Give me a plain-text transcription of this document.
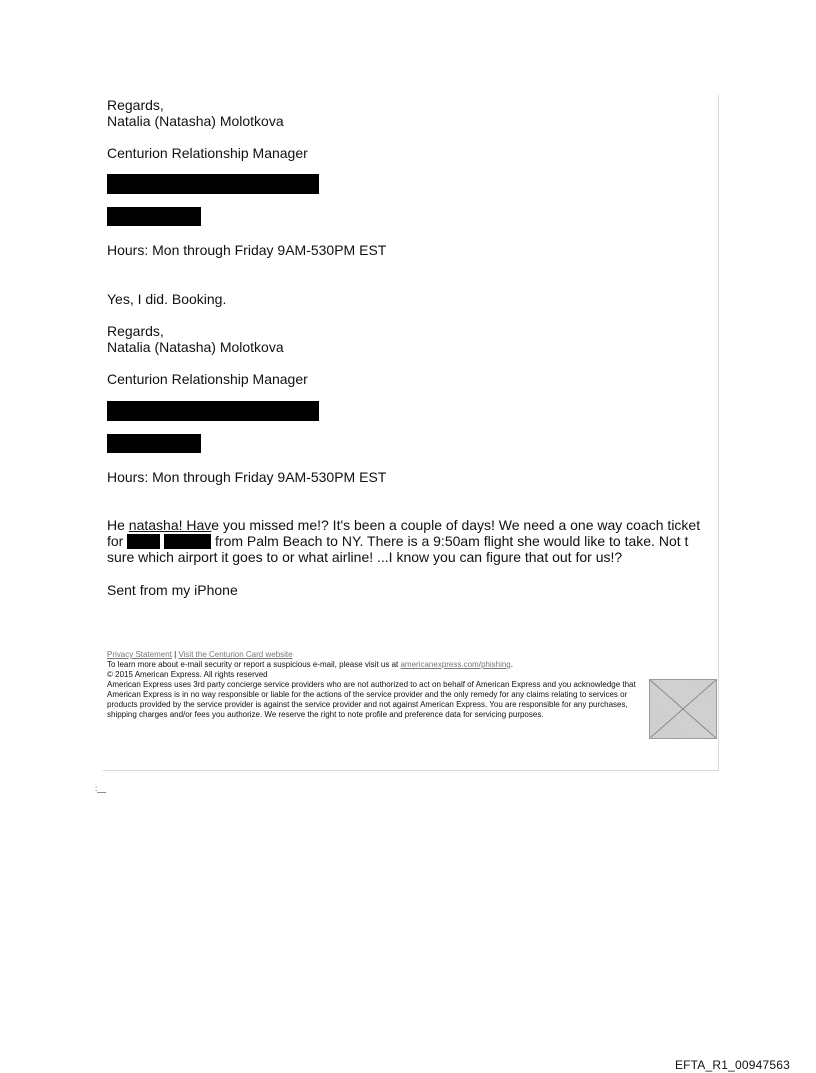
Regards,
Natalia (Natasha) Molotkova
Centurion Relationship Manager
Hours: Mon through Friday 9AM-530PM EST
Yes, I did. Booking.
Regards,
Natalia (Natasha) Molotkova
Centurion Relationship Manager
Hours: Mon through Friday 9AM-530PM EST
He natasha! Have you missed me!? It's been a couple of days! We need a one way coach ticket
for	from Palm Beach to NY. There is a 9:50am flight she would like to take. Not t
sure which airport it goes to or what airline! ...I know you can figure that out for us!?
Sent from my iPhone
Privacy Statement | Visit the Centurion Card website
To learn more about e-mail security or report a suspicious e-mail, please visit us at americanexpress.com/phishing.
© 2015 American Express. All rights reserved
American Express uses 3rd party concierge service providers who are not authorized to act on behalf of American Express and you acknowledge that American Express is in no way responsible or liable for the actions of the service provider and the only remedy for any claims relating to services or products provided by the service provider is against the service provider and not against American Express. You are responsible for any purchases, shipping charges and/or fees you authorize. We reserve the right to note profile and preference data for servicing purposes.
:__
EFTA_R1_00947563
